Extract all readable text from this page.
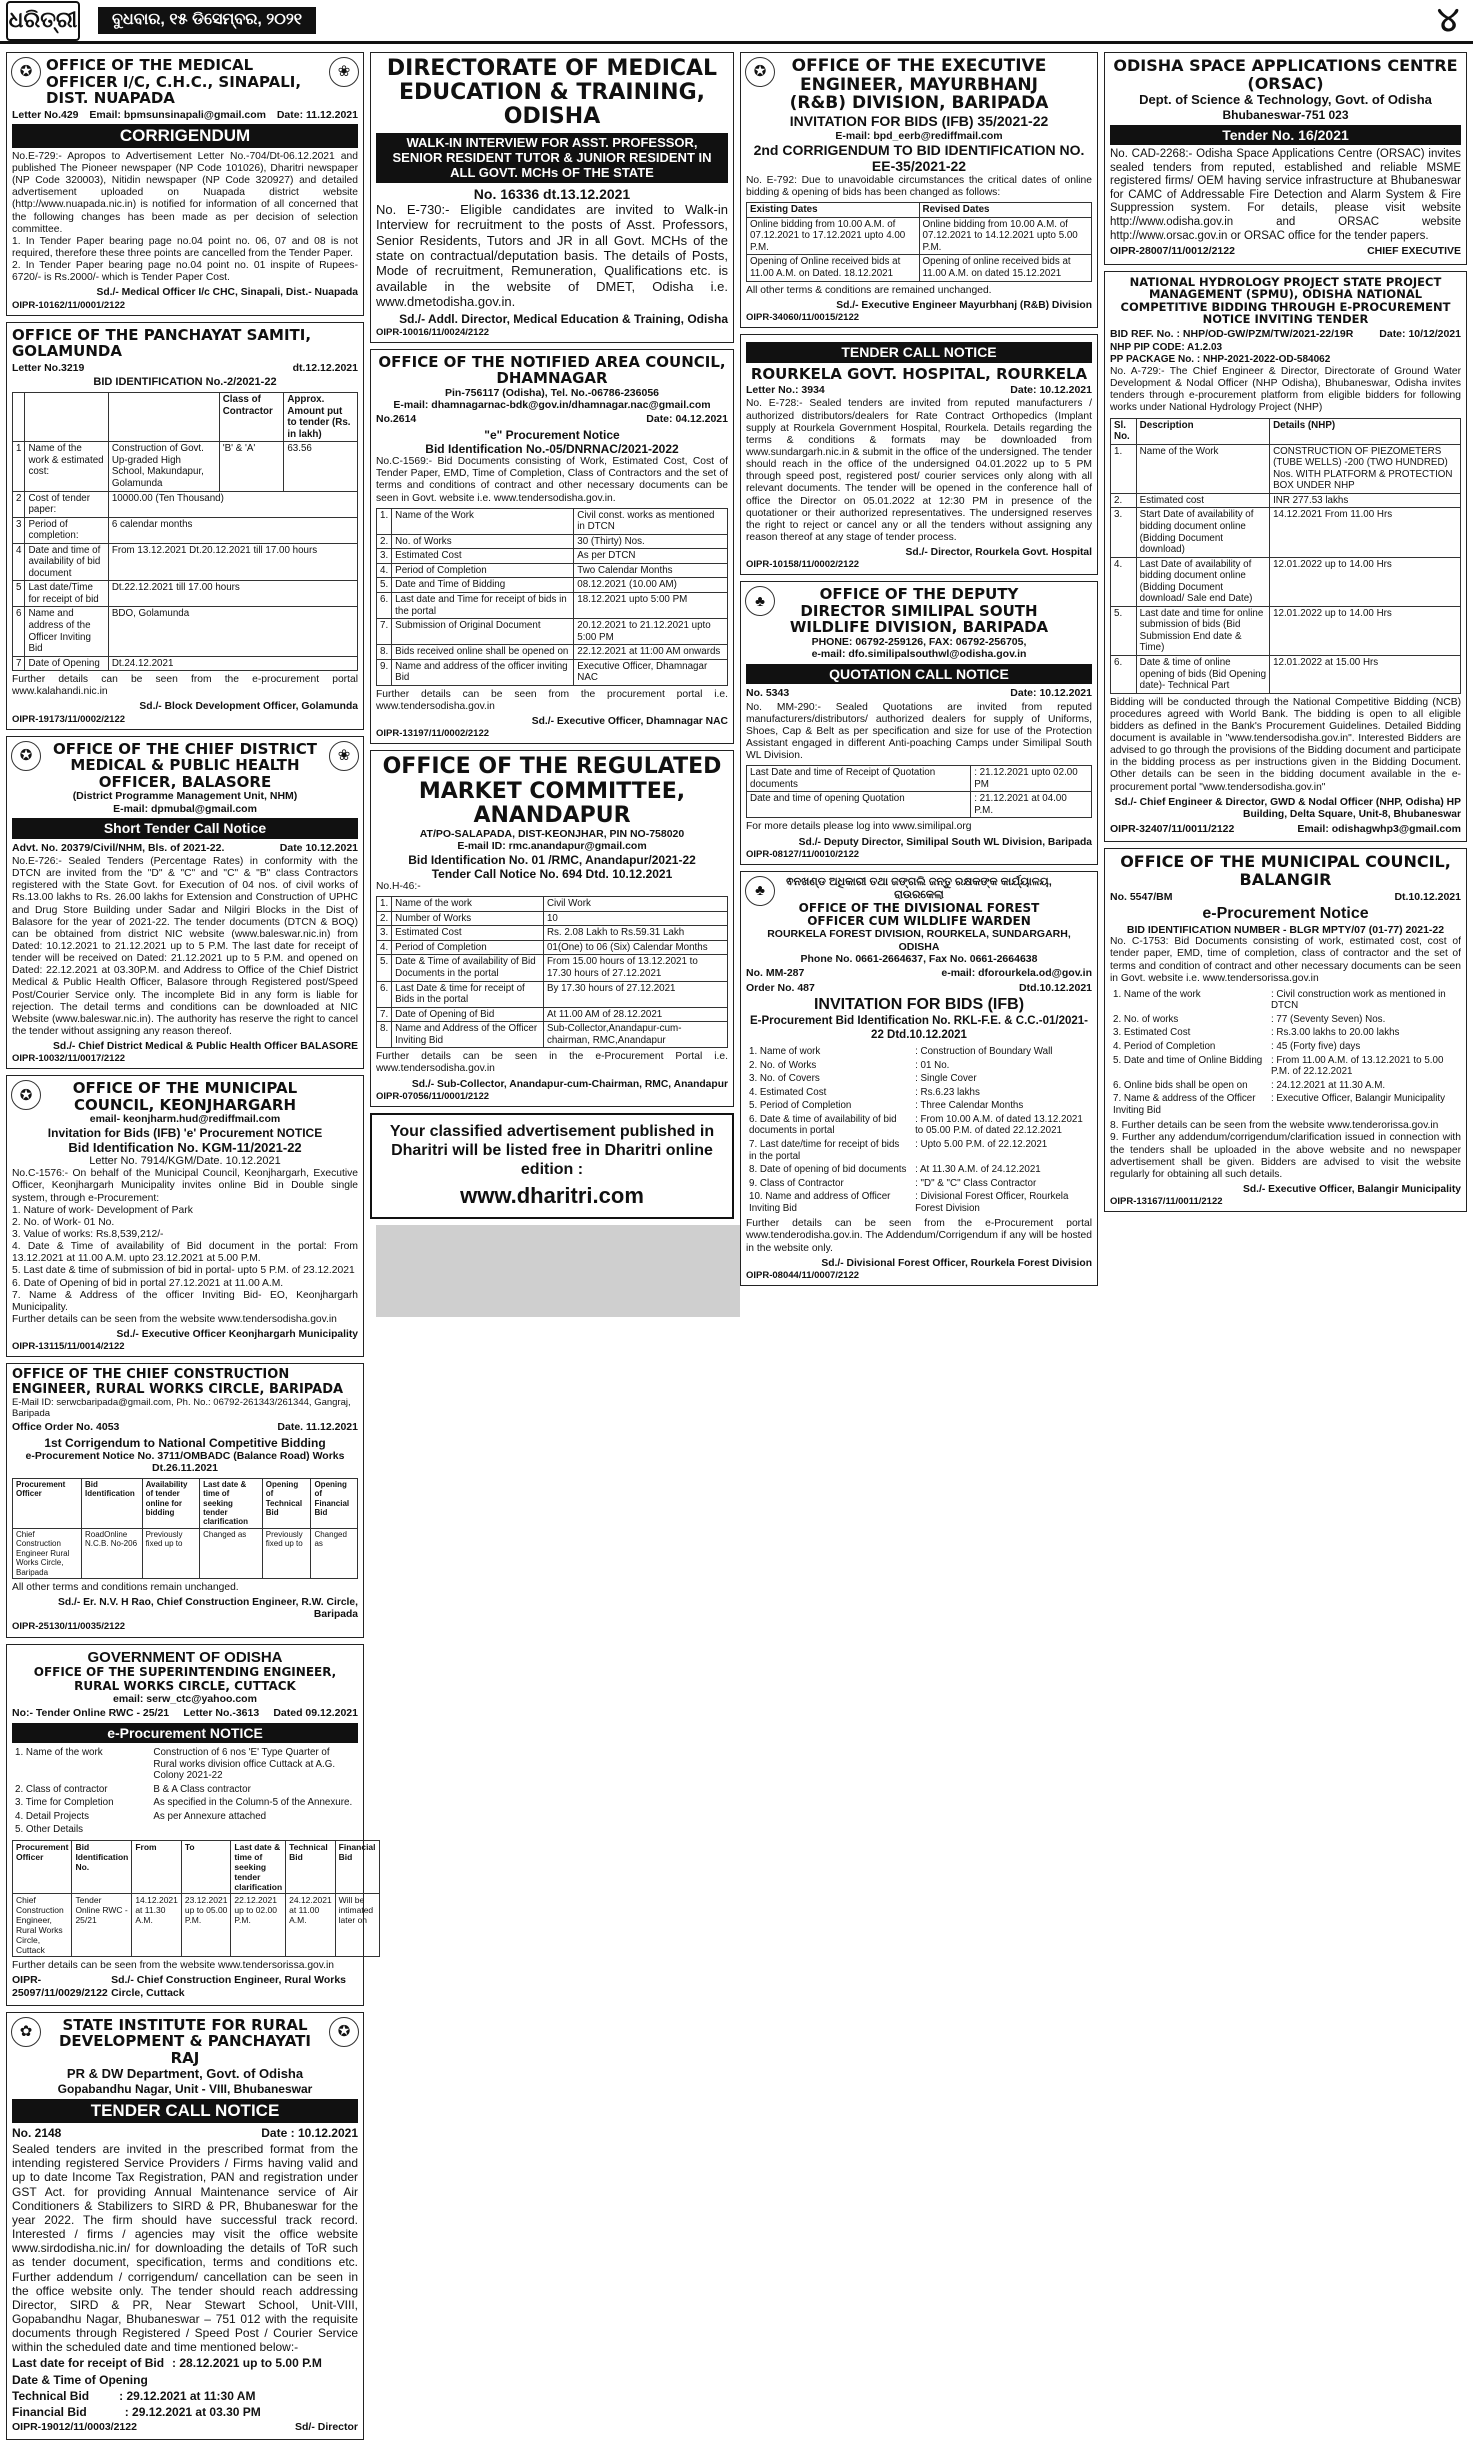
ଧରିତ୍ରୀ	ବୁଧବାର, ୧୫ ଡିସେମ୍ବର, ୨୦୨୧	୪
✪	❀
OFFICE OF THE MEDICAL OFFICER I/C, C.H.C., SINAPALI, DIST. NUAPADA
Letter No.429 Email: bpmsunsinapali@gmail.com Date: 11.12.2021
CORRIGENDUM
No.E-729:- Apropos to Advertisement Letter No.-704/Dt-06.12.2021 and published The Pioneer newspaper (NP Code 101026), Dharitri newspaper (NP Code 320003), Nitidin newspaper (NP Code 320927) and detailed advertisement uploaded on Nuapada district website (http://www.nuapada.nic.in) is notified for information of all concerned that the following changes has been made as per decision of selection committee.
1. In Tender Paper bearing page no.04 point no. 06, 07 and 08 is not required, therefore these three points are cancelled from the Tender Paper.
2. In Tender Paper bearing page no.04 point no. 01 inspite of Rupees-6720/- is Rs.2000/- which is Tender Paper Cost.
Sd./- Medical Officer I/c CHC, Sinapali, Dist.- Nuapada
OIPR-10162/11/0001/2122
OFFICE OF THE PANCHAYAT SAMITI, GOLAMUNDA
Letter No.3219	dt.12.12.2021
BID IDENTIFICATION No.-2/2021-22
			Class of Contractor	Approx. Amount put to tender (Rs. in lakh)
1	Name of the work & estimated cost:	Construction of Govt. Up-graded High School, Makundapur, Golamunda	'B' & 'A'	63.56
2	Cost of tender paper:	10000.00 (Ten Thousand)		
3	Period of completion:	6 calendar months		
4	Date and time of availability of bid document	From 13.12.2021 Dt.20.12.2021 till 17.00 hours		
5	Last date/Time for receipt of bid	Dt.22.12.2021 till 17.00 hours		
6	Name and address of the Officer Inviting Bid	BDO, Golamunda		
7	Date of Opening	Dt.24.12.2021		
Further details can be seen from the e-procurement portal www.kalahandi.nic.in
Sd./- Block Development Officer, Golamunda
OIPR-19173/11/0002/2122
✪	❀
OFFICE OF THE CHIEF DISTRICT MEDICAL & PUBLIC HEALTH OFFICER, BALASORE
(District Programme Management Unit, NHM)
E-mail: dpmubal@gmail.com
Short Tender Call Notice
Advt. No. 20379/Civil/NHM, Bls. of 2021-22.	Date 10.12.2021
No.E-726:- Sealed Tenders (Percentage Rates) in conformity with the DTCN are invited from the "D" & "C" and "C" & "B" class Contractors registered with the State Govt. for Execution of 04 nos. of civil works of Rs.13.00 lakhs to Rs. 26.00 lakhs for Extension and Construction of UPHC and Drug Store Building under Sadar and Nilgiri Blocks in the Dist of Balasore for the year of 2021-22. The tender documents (DTCN & BOQ) can be obtained from district NIC website (www.baleswar.nic.in) from Dated: 10.12.2021 to 21.12.2021 up to 5 P.M. The last date for receipt of tender will be received on Dated: 21.12.2021 up to 5 P.M. and opened on Dated: 22.12.2021 at 03.30P.M. and Address to Office of the Chief District Medical & Public Health Officer, Balasore through Registered post/Speed Post/Courier Service only. The incomplete Bid in any form is liable for rejection. The detail terms and conditions can be downloaded at NIC Website (www.baleswar.nic.in). The authority has reserve the right to cancel the tender without assigning any reason thereof.
Sd./- Chief District Medical & Public Health Officer BALASORE
OIPR-10032/11/0017/2122
✪	OFFICE OF THE MUNICIPAL COUNCIL, KEONJHARGARH
email- keonjharm.hud@rediffmail.com
Invitation for Bids (IFB) 'e' Procurement NOTICE
Bid Identification No. KGM-11/2021-22
Letter No. 7914/KGM/Date. 10.12.2021
No.C-1576:- On behalf of the Municipal Council, Keonjhargarh, Executive Officer, Keonjhargarh Municipality invites online Bid in Double single system, through e-Procurement:
1. Nature of work- Development of Park
2. No. of Work- 01 No.
3. Value of works: Rs.8,539,212/-
4. Date & Time of availability of Bid document in the portal: From 13.12.2021 at 11.00 A.M. upto 23.12.2021 at 5.00 P.M.
5. Last date & time of submission of bid in portal- upto 5 P.M. of 23.12.2021
6. Date of Opening of bid in portal 27.12.2021 at 11.00 A.M.
7. Name & Address of the officer Inviting Bid- EO, Keonjhargarh Municipality.
Further details can be seen from the website www.tendersodisha.gov.in
Sd./- Executive Officer Keonjhargarh Municipality
OIPR-13115/11/0014/2122
OFFICE OF THE CHIEF CONSTRUCTION ENGINEER, RURAL WORKS CIRCLE, BARIPADA
E-Mail ID: serwcbaripada@gmail.com, Ph. No.: 06792-261343/261344, Gangraj, Baripada
Office Order No. 4053	Date. 11.12.2021
1st Corrigendum to National Competitive Bidding
e-Procurement Notice No. 3711/OMBADC (Balance Road) Works Dt.26.11.2021
Procurement Officer	Bid Identification	Availability of tender online for bidding	Last date & time of seeking tender clarification	Opening of Technical Bid	Opening of Financial Bid
Chief Construction Engineer Rural Works Circle, Baripada	RoadOnline N.C.B. No-206	Previously fixed up to	Changed as	Previously fixed up to	Changed as
All other terms and conditions remain unchanged.
Sd./- Er. N.V. H Rao, Chief Construction Engineer, R.W. Circle, Baripada
OIPR-25130/11/0035/2122
GOVERNMENT OF ODISHA
OFFICE OF THE SUPERINTENDING ENGINEER, RURAL WORKS CIRCLE, CUTTACK
email: serw_ctc@yahoo.com
No:- Tender Online RWC - 25/21 Letter No.-3613 Dated 09.12.2021
e-Procurement NOTICE
1. Name of the work	Construction of 6 nos 'E' Type Quarter of Rural works division office Cuttack at A.G. Colony 2021-22
2. Class of contractor	B & A Class contractor
3. Time for Completion	As specified in the Column-5 of the Annexure.
4. Detail Projects	As per Annexure attached
5. Other Details	
Procurement Officer	Bid Identification No.	From	To	Last date & time of seeking tender clarification	Technical Bid	Financial Bid
Chief Construction Engineer, Rural Works Circle, Cuttack	Tender Online RWC - 25/21	14.12.2021 at 11.30 A.M.	23.12.2021 up to 05.00 P.M.	22.12.2021 up to 02.00 P.M.	24.12.2021 at 11.00 A.M.	Will be intimated later on
Further details can be seen from the website www.tendersorissa.gov.in
OIPR-25097/11/0029/2122
Sd./- Chief Construction Engineer, Rural Works Circle, Cuttack
✿	✪
STATE INSTITUTE FOR RURAL DEVELOPMENT & PANCHAYATI RAJ
PR & DW Department, Govt. of Odisha
Gopabandhu Nagar, Unit - VIII, Bhubaneswar
TENDER CALL NOTICE
No. 2148	Date : 10.12.2021
Sealed tenders are invited in the prescribed format from the intending registered Service Providers / Firms having valid and up to date Income Tax Registration, PAN and registration under GST Act. for providing Annual Maintenance service of Air Conditioners & Stabilizers to SIRD & PR, Bhubaneswar for the year 2022. The firm should have successful track record. Interested / firms / agencies may visit the office website www.sirdodisha.nic.in/ for downloading the details of ToR such as tender document, specification, terms and conditions etc. Further addendum / corrigendum/ cancellation can be seen in the office website only. The tender should reach addressing Director, SIRD & PR, Near Stewart School, Unit-VIII, Gopabandhu Nagar, Bhubaneswar – 751 012 with the requisite documents through Registered / Speed Post / Courier Service within the scheduled date and time mentioned below:-
Last date for receipt of Bid : 28.12.2021 up to 5.00 P.M
Date & Time of Opening
Technical Bid	: 29.12.2021 at 11:30 AM
Financial Bid	: 29.12.2021 at 03.30 PM
OIPR-19012/11/0003/2122	Sd/- Director
DIRECTORATE OF MEDICAL EDUCATION & TRAINING, ODISHA
WALK-IN INTERVIEW FOR ASST. PROFESSOR, SENIOR RESIDENT TUTOR & JUNIOR RESIDENT IN ALL GOVT. MCHs OF THE STATE
No. 16336 dt.13.12.2021
No. E-730:- Eligible candidates are invited to Walk-in Interview for recruitment to the posts of Asst. Professors, Senior Residents, Tutors and JR in all Govt. MCHs of the state on contractual/deputation basis. The details of Posts, Mode of recruitment, Remuneration, Qualifications etc. is available in the website of DMET, Odisha i.e. www.dmetodisha.gov.in.
Sd./- Addl. Director, Medical Education & Training, Odisha
OIPR-10016/11/0024/2122
OFFICE OF THE NOTIFIED AREA COUNCIL, DHAMNAGAR
Pin-756117 (Odisha), Tel. No.-06786-236056
E-mail: dhamnagarnac-bdk@gov.in/dhamnagar.nac@gmail.com
No.2614	Date: 04.12.2021
"e" Procurement Notice
Bid Identification No.-05/DNRNAC/2021-2022
No.C-1569:- Bid Documents consisting of Work, Estimated Cost, Cost of Tender Paper, EMD, Time of Completion, Class of Contractors and the set of terms and conditions of contract and other necessary documents can be seen in Govt. website i.e. www.tendersodisha.gov.in.
1.	Name of the Work	Civil const. works as mentioned in DTCN
2.	No. of Works	30 (Thirty) Nos.
3.	Estimated Cost	As per DTCN
4.	Period of Completion	Two Calendar Months
5.	Date and Time of Bidding	08.12.2021 (10.00 AM)
6.	Last date and Time for receipt of bids in the portal	18.12.2021 upto 5:00 PM
7.	Submission of Original Document	20.12.2021 to 21.12.2021 upto 5:00 PM
8.	Bids received online shall be opened on	22.12.2021 at 11:00 AM onwards
9.	Name and address of the officer inviting Bid	Executive Officer, Dhamnagar NAC
Further details can be seen from the procurement portal i.e. www.tendersodisha.gov.in
Sd./- Executive Officer, Dhamnagar NAC
OIPR-13197/11/0002/2122
OFFICE OF THE REGULATED MARKET COMMITTEE, ANANDAPUR
AT/PO-SALAPADA, DIST-KEONJHAR, PIN NO-758020
E-mail ID: rmc.anandapur@gmail.com
Bid Identification No. 01 /RMC, Anandapur/2021-22
Tender Call Notice No. 694 Dtd. 10.12.2021
No.H-46:-
1.	Name of the work	Civil Work
2.	Number of Works	10
3.	Estimated Cost	Rs. 2.08 Lakh to Rs.59.31 Lakh
4.	Period of Completion	01(One) to 06 (Six) Calendar Months
5.	Date & Time of availability of Bid Documents in the portal	From 15.00 hours of 13.12.2021 to 17.30 hours of 27.12.2021
6.	Last Date & time for receipt of Bids in the portal	By 17.30 hours of 27.12.2021
7.	Date of Opening of Bid	At 11.00 AM of 28.12.2021
8.	Name and Address of the Officer Inviting Bid	Sub-Collector,Anandapur-cum-chairman, RMC,Anandapur
Further details can be seen in the e-Procurement Portal i.e. www.tendersodisha.gov.in
Sd./- Sub-Collector, Anandapur-cum-Chairman, RMC, Anandapur
OIPR-07056/11/0001/2122
Your classified advertisement published in Dharitri will be listed free in Dharitri online edition :
www.dharitri.com
✪	OFFICE OF THE EXECUTIVE ENGINEER, MAYURBHANJ (R&B) DIVISION, BARIPADA
INVITATION FOR BIDS (IFB) 35/2021-22
E-mail: bpd_eerb@rediffmail.com
2nd CORRIGENDUM TO BID IDENTIFICATION NO. EE-35/2021-22
No. E-792: Due to unavoidable circumstances the critical dates of online bidding & opening of bids has been changed as follows:
Existing Dates	Revised Dates
Online bidding from 10.00 A.M. of 07.12.2021 to 17.12.2021 upto 4.00 P.M.	Online bidding from 10.00 A.M. of 07.12.2021 to 14.12.2021 upto 5.00 P.M.
Opening of Online received bids at 11.00 A.M. on Dated. 18.12.2021	Opening of online received bids at 11.00 A.M. on dated 15.12.2021
All other terms & conditions are remained unchanged.
Sd./- Executive Engineer Mayurbhanj (R&B) Division
OIPR-34060/11/0015/2122
TENDER CALL NOTICE
ROURKELA GOVT. HOSPITAL, ROURKELA
Letter No.: 3934	Date: 10.12.2021
No. E-728:- Sealed tenders are invited from reputed manufacturers / authorized distributors/dealers for Rate Contract Orthopedics (Implant supply at Rourkela Government Hospital, Rourkela. Details regarding the terms & conditions & formats may be downloaded from www.sundargarh.nic.in & submit in the office of the undersigned. The tender should reach in the office of the undersigned 04.01.2022 up to 5 PM through speed post, registered post/ courier services only along with all relevant documents. The tender will be opened in the conference hall of office the Director on 05.01.2022 at 12:30 PM in presence of the quotationer or their authorized representatives. The undersigned reserves the right to reject or cancel any or all the tenders without assigning any reason thereof at any stage of tender process.
Sd./- Director, Rourkela Govt. Hospital
OIPR-10158/11/0002/2122
♣	OFFICE OF THE DEPUTY DIRECTOR SIMILIPAL SOUTH WILDLIFE DIVISION, BARIPADA
PHONE: 06792-259126, FAX: 06792-256705,
e-mail: dfo.similipalsouthwl@odisha.gov.in
QUOTATION CALL NOTICE
No. 5343	Date: 10.12.2021
No. MM-290:- Sealed Quotations are invited from reputed manufacturers/distributors/ authorized dealers for supply of Uniforms, Shoes, Cap & Belt as per specification and size for use of the Protection Assistant engaged in different Anti-poaching Camps under Similipal South WL Division.
Last Date and time of Receipt of Quotation documents	: 21.12.2021 upto 02.00 PM
Date and time of opening Quotation	: 21.12.2021 at 04.00 P.M.
For more details please log into www.similipal.org
Sd./- Deputy Director, Similipal South WL Division, Baripada
OIPR-08127/11/0010/2122
♣
ଵନଖଣ୍ଡ ଅଧିକାରୀ ତଥା ଜଙ୍ଗଲି ଜନ୍ତୁ ରକ୍ଷକଙ୍କ କାର୍ଯ୍ୟାଳୟ, ରାଉରକେଲା
OFFICE OF THE DIVISIONAL FOREST OFFICER CUM WILDLIFE WARDEN
ROURKELA FOREST DIVISION, ROURKELA, SUNDARGARH, ODISHA
Phone No. 0661-2664637, Fax No. 0661-2664638
No. MM-287	e-mail: dforourkela.od@gov.in
Order No. 487	Dtd.10.12.2021
INVITATION FOR BIDS (IFB)
E-Procurement Bid Identification No. RKL-F.E. & C.C.-01/2021-22 Dtd.10.12.2021
1. Name of work	: Construction of Boundary Wall
2. No. of Works	: 01 No.
3. No. of Covers	: Single Cover
4. Estimated Cost	: Rs.6.23 lakhs
5. Period of Completion	: Three Calendar Months
6. Date & time of availability of bid documents in portal	: From 10.00 A.M. of dated 13.12.2021 to 05.00 P.M. of dated 22.12.2021
7. Last date/time for receipt of bids in the portal	: Upto 5.00 P.M. of 22.12.2021
8. Date of opening of bid documents	: At 11.30 A.M. of 24.12.2021
9. Class of Contractor	: "D" & "C" Class Contractor
10. Name and address of Officer Inviting Bid	: Divisional Forest Officer, Rourkela Forest Division
Further details can be seen from the e-Procurement portal www.tenderodisha.gov.in. The Addendum/Corrigendum if any will be hosted in the website only.
Sd./- Divisional Forest Officer, Rourkela Forest Division
OIPR-08044/11/0007/2122
ODISHA SPACE APPLICATIONS CENTRE (ORSAC)
Dept. of Science & Technology, Govt. of Odisha
Bhubaneswar-751 023
Tender No. 16/2021
No. CAD-2268:- Odisha Space Applications Centre (ORSAC) invites sealed tenders from reputed, established and reliable MSME registered firms/ OEM having service infrastructure at Bhubaneswar for CAMC of Addressable Fire Detection and Alarm System & Fire Suppression system. For details, please visit website http://www.odisha.gov.in and ORSAC website http://www.orsac.gov.in or ORSAC office for the tender papers.
OIPR-28007/11/0012/2122	CHIEF EXECUTIVE
NATIONAL HYDROLOGY PROJECT STATE PROJECT MANAGEMENT (SPMU), ODISHA NATIONAL COMPETITIVE BIDDING THROUGH E-PROCUREMENT NOTICE INVITING TENDER
BID REF. No. : NHP/OD-GW/PZM/TW/2021-22/19R Date: 10/12/2021
NHP PIP CODE: A1.2.03
PP PACKAGE No. : NHP-2021-2022-OD-584062
No. A-729:- The Chief Engineer & Director, Directorate of Ground Water Development & Nodal Officer (NHP Odisha), Bhubaneswar, Odisha invites tenders through e-procurement platform from eligible bidders for following works under National Hydrology Project (NHP)
Sl. No.	Description	Details (NHP)
1.	Name of the Work	CONSTRUCTION OF PIEZOMETERS (TUBE WELLS) -200 (TWO HUNDRED) Nos. WITH PLATFORM & PROTECTION BOX UNDER NHP
2.	Estimated cost	INR 277.53 lakhs
3.	Start Date of availability of bidding document online (Bidding Document download)	14.12.2021 From 11.00 Hrs
4.	Last Date of availability of bidding document online (Bidding Document download/ Sale end Date)	12.01.2022 up to 14.00 Hrs
5.	Last date and time for online submission of bids (Bid Submission End date & Time)	12.01.2022 up to 14.00 Hrs
6.	Date & time of online opening of bids (Bid Opening date)- Technical Part	12.01.2022 at 15.00 Hrs
Bidding will be conducted through the National Competitive Bidding (NCB) procedures agreed with World Bank. The bidding is open to all eligible bidders as defined in the Bank's Procurement Guidelines. Detailed Bidding document is available in "www.tendersodisha.gov.in". Interested Bidders are advised to go through the provisions of the Bidding document and participate in the bidding process as per instructions given in the Bidding Document. Other details can be seen in the bidding document available in the e-procurement portal "www.tendersodisha.gov.in"
Sd./- Chief Engineer & Director, GWD & Nodal Officer (NHP, Odisha) HP Building, Delta Square, Unit-8, Bhubaneswar
OIPR-32407/11/0011/2122	Email: odishagwhp3@gmail.com
OFFICE OF THE MUNICIPAL COUNCIL, BALANGIR
No. 5547/BM	Dt.10.12.2021
e-Procurement Notice
BID IDENTIFICATION NUMBER - BLGR MPTY/07 (01-77) 2021-22
No. C-1753: Bid Documents consisting of work, estimated cost, cost of tender paper, EMD, time of completion, class of contractor and the set of terms and condition of contract and other necessary documents can be seen in Govt. website i.e. www.tendersorissa.gov.in
1. Name of the work	: Civil construction work as mentioned in DTCN
2. No. of works	: 77 (Seventy Seven) Nos.
3. Estimated Cost	: Rs.3.00 lakhs to 20.00 lakhs
4. Period of Completion	: 45 (Forty five) days
5. Date and time of Online Bidding	: From 11.00 A.M. of 13.12.2021 to 5.00 P.M. of 22.12.2021
6. Online bids shall be open on	: 24.12.2021 at 11.30 A.M.
7. Name & address of the Officer Inviting Bid	: Executive Officer, Balangir Municipality
8. Further details can be seen from the website www.tenderorissa.gov.in
9. Further any addendum/corrigendum/clarification issued in connection with the tenders shall be uploaded in the above website and no newspaper advertisement shall be given. Bidders are advised to visit the website regularly for obtaining all such details.
Sd./- Executive Officer, Balangir Municipality
OIPR-13167/11/0011/2122
